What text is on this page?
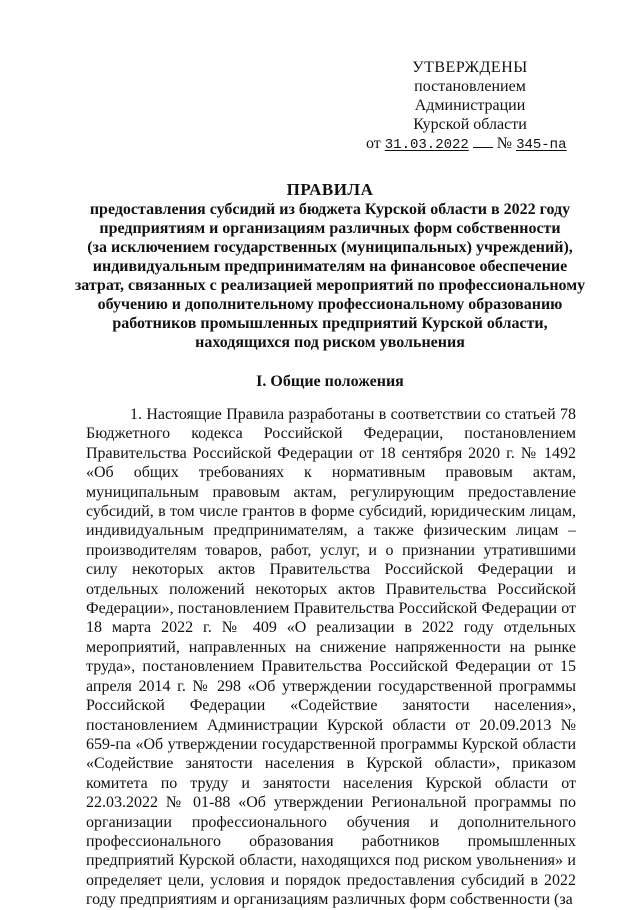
УТВЕРЖДЕНЫ
постановлением Администрации
Курской области
от 31.03.2022 № 345-па
ПРАВИЛА
предоставления субсидий из бюджета Курской области в 2022 году
предприятиям и организациям различных форм собственности
(за исключением государственных (муниципальных) учреждений),
индивидуальным предпринимателям на финансовое обеспечение
затрат, связанных с реализацией мероприятий по профессиональному
обучению и дополнительному профессиональному образованию
работников промышленных предприятий Курской области,
находящихся под риском увольнения
I. Общие положения

1. Настоящие Правила разработаны в соответствии со статьей 78 Бюджетного кодекса Российской Федерации, постановлением Правительства Российской Федерации от 18 сентября 2020 г. № 1492 «Об общих требованиях к нормативным правовым актам, муниципальным правовым актам, регулирующим предоставление субсидий, в том числе грантов в форме субсидий, юридическим лицам, индивидуальным предпринимателям, а также физическим лицам – производителям товаров, работ, услуг, и о признании утратившими силу некоторых актов Правительства Российской Федерации и отдельных положений некоторых актов Правительства Российской Федерации», постановлением Правительства Российской Федерации от 18 марта 2022 г. № 409 «О реализации в 2022 году отдельных мероприятий, направленных на снижение напряженности на рынке труда», постановлением Правительства Российской Федерации от 15 апреля 2014 г. № 298 «Об утверждении государственной программы Российской Федерации «Содействие занятости населения», постановлением Администрации Курской области от 20.09.2013 № 659-па «Об утверждении государственной программы Курской области «Содействие занятости населения в Курской области», приказом комитета по труду и занятости населения Курской области от 22.03.2022 № 01-88 «Об утверждении Региональной программы по организации профессионального обучения и дополнительного профессионального образования работников промышленных предприятий Курской области, находящихся под риском увольнения» и определяет цели, условия и порядок предоставления субсидий в 2022 году предприятиям и организациям различных форм собственности (за
